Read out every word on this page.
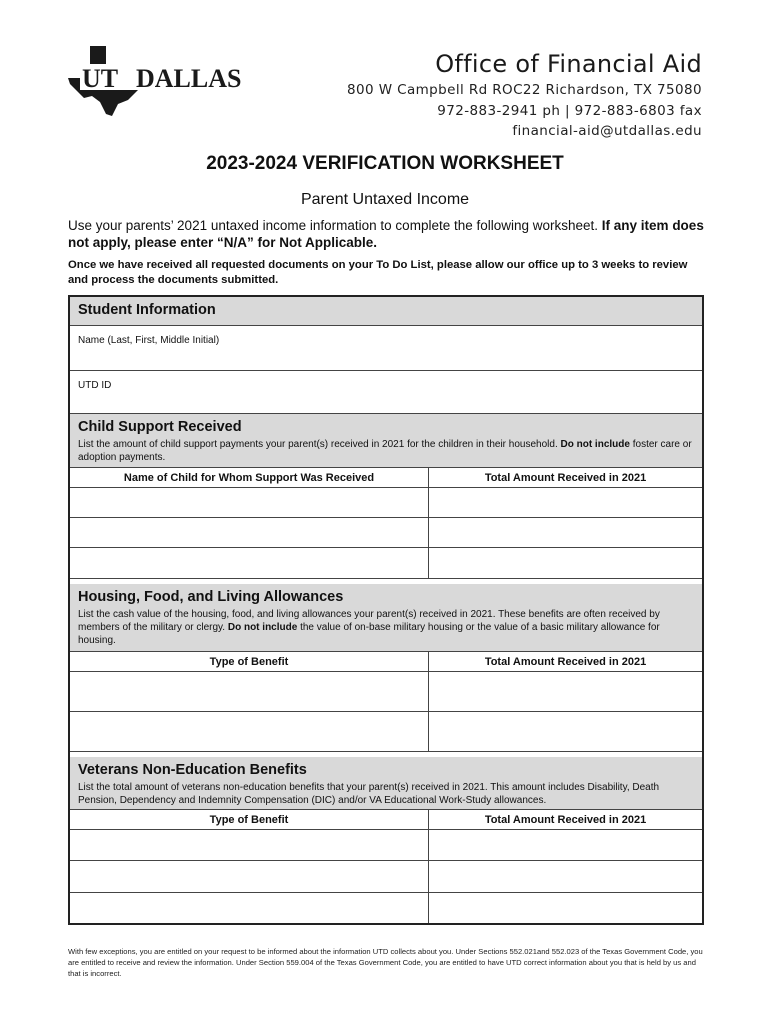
UT DALLAS	Office of Financial Aid
800 W Campbell Rd ROC22 Richardson, TX 75080
972-883-2941 ph | 972-883-6803 fax
financial-aid@utdallas.edu
2023-2024 VERIFICATION WORKSHEET
Parent Untaxed Income
Use your parents’ 2021 untaxed income information to complete the following worksheet. If any item does not apply, please enter “N/A” for Not Applicable.
Once we have received all requested documents on your To Do List, please allow our office up to 3 weeks to review and process the documents submitted.
Student Information
Name (Last, First, Middle Initial)
UTD ID
Child Support Received
List the amount of child support payments your parent(s) received in 2021 for the children in their household. Do not include foster care or adoption payments.
Name of Child for Whom Support Was Received	Total Amount Received in 2021

Housing, Food, and Living Allowances
List the cash value of the housing, food, and living allowances your parent(s) received in 2021. These benefits are often received by members of the military or clergy. Do not include the value of on-base military housing or the value of a basic military allowance for housing.
Type of Benefit	Total Amount Received in 2021

Veterans Non-Education Benefits
List the total amount of veterans non-education benefits that your parent(s) received in 2021. This amount includes Disability, Death Pension, Dependency and Indemnity Compensation (DIC) and/or VA Educational Work-Study allowances.
Type of Benefit	Total Amount Received in 2021

With few exceptions, you are entitled on your request to be informed about the information UTD collects about you. Under Sections 552.021and 552.023 of the Texas Government Code, you are entitled to receive and review the information. Under Section 559.004 of the Texas Government Code, you are entitled to have UTD correct information about you that is held by us and that is incorrect.
